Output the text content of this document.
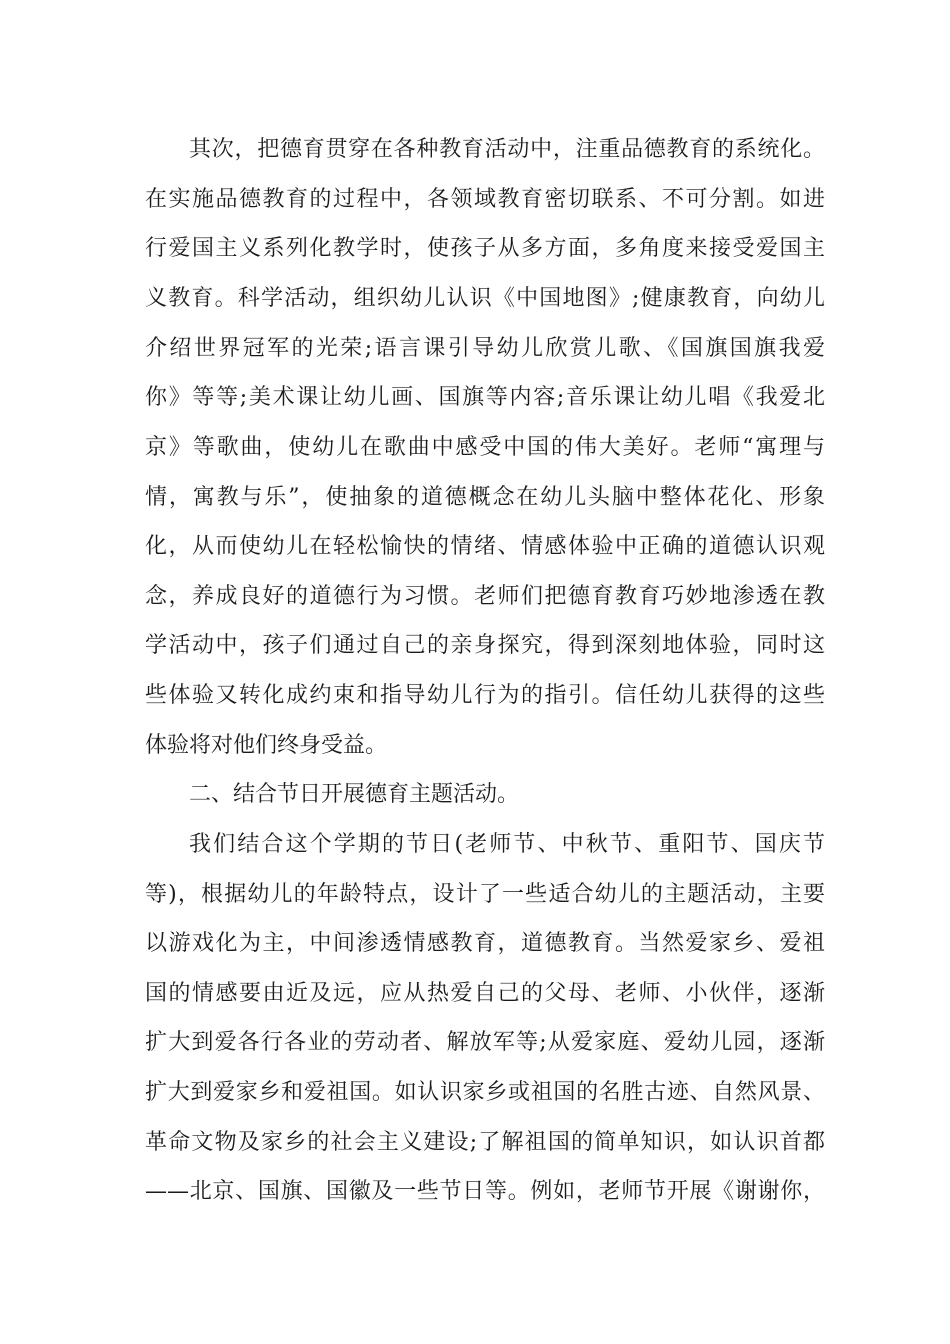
其次，把德育贯穿在各种教育活动中，注重品德教育的系统化。
在实施品德教育的过程中，各领域教育密切联系、不可分割。如进
行爱国主义系列化教学时，使孩子从多方面，多角度来接受爱国主
义教育。科学活动，组织幼儿认识《中国地图》;健康教育，向幼儿
介绍世界冠军的光荣;语言课引导幼儿欣赏儿歌、《国旗国旗我爱
你》等等;美术课让幼儿画、国旗等内容;音乐课让幼儿唱《我爱北
京》等歌曲，使幼儿在歌曲中感受中国的伟大美好。老师“寓理与
情，寓教与乐”，使抽象的道德概念在幼儿头脑中整体花化、形象
化，从而使幼儿在轻松愉快的情绪、情感体验中正确的道德认识观
念，养成良好的道德行为习惯。老师们把德育教育巧妙地渗透在教
学活动中，孩子们通过自己的亲身探究，得到深刻地体验，同时这
些体验又转化成约束和指导幼儿行为的指引。信任幼儿获得的这些
体验将对他们终身受益。
二、结合节日开展德育主题活动。
我们结合这个学期的节日(老师节、中秋节、重阳节、国庆节
等)，根据幼儿的年龄特点，设计了一些适合幼儿的主题活动，主要
以游戏化为主，中间渗透情感教育，道德教育。当然爱家乡、爱祖
国的情感要由近及远，应从热爱自己的父母、老师、小伙伴，逐渐
扩大到爱各行各业的劳动者、解放军等;从爱家庭、爱幼儿园，逐渐
扩大到爱家乡和爱祖国。如认识家乡或祖国的名胜古迹、自然风景、
革命文物及家乡的社会主义建设;了解祖国的简单知识，如认识首都
——北京、国旗、国徽及一些节日等。例如，老师节开展《谢谢你，
